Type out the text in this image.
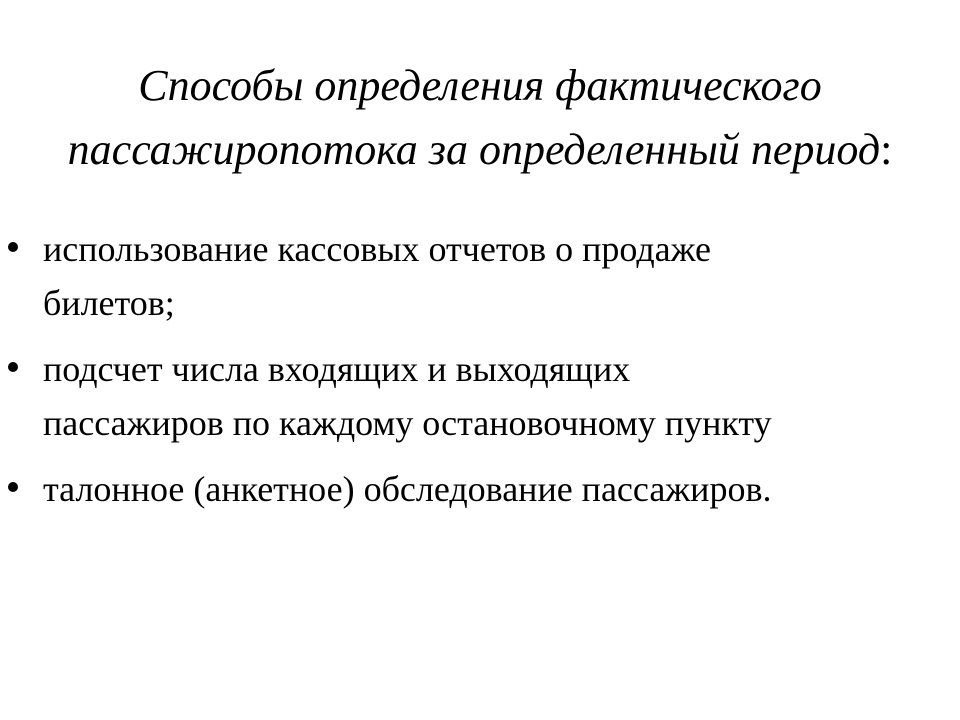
Способы определения фактического
пассажиропотока за определенный период:
использование кассовых отчетов о продаже
билетов;
подсчет числа входящих и выходящих
пассажиров по каждому остановочному пункту
талонное (анкетное) обследование пассажиров.
